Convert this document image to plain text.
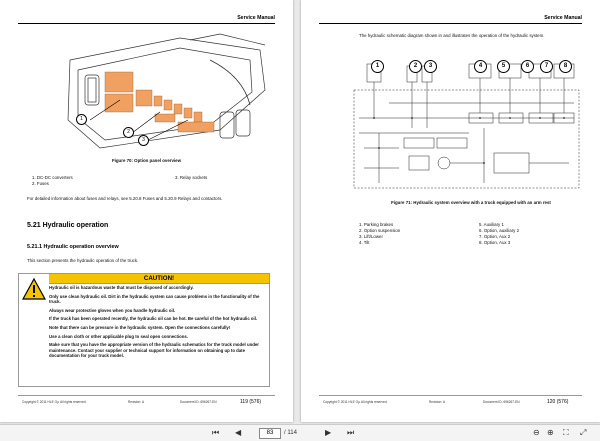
Service Manual
1
2
3
Figure 70: Option panel overview
1. DC-DC converters
2. Fuses
3. Relay sockets
For detailed information about fuses and relays, see 5.20.8 Fuses and 5.20.9 Relays and contactors.
5.21 Hydraulic operation
5.21.1 Hydraulic operation overview
This section presents the hydraulic operation of the truck.
CAUTION!

Hydraulic oil is hazardous waste that must be disposed of accordingly.

Only use clean hydraulic oil. Dirt in the hydraulic system can cause problems in the functionality of the truck.

Always wear protective gloves when you handle hydraulic oil.

If the truck has been operated recently, the hydraulic oil can be hot. Be careful of the hot hydraulic oil.

Note that there can be pressure in the hydraulic system. Open the connections carefully!

Use a clean cloth or other applicable plug to seal open connections.

Make sure that you have the appropriate version of the hydraulic schematics for the truck model under maintenance. Contact your supplier or technical support for information on obtaining up to date documentation for your truck model.

Copyright © 2011 HLE Oy. All rights reserved.	Revision: A	Document ID: 696267-EN	119 (576)
Service Manual
The hydraulic schematic diagram shown in and illustrates the operation of the hydraulic system.
1	2	3	4	5	6	7	8
Figure 71: Hydraulic system overview with a truck equipped with an arm rest
1. Parking brakes
2. Option suspension
3. Lift/Lower
4. Tilt
5. Auxiliary 1
6. Option, auxiliary 2
7. Option, Aux 2
8. Option, Aux 3
Copyright © 2011 HLE Oy. All rights reserved.	Revision: A	Document ID: 696267-EN	120 (576)
⏮ ◀	83	/ 114	▶ ⏭	⊖ ⊕ ⛶ ⤢
